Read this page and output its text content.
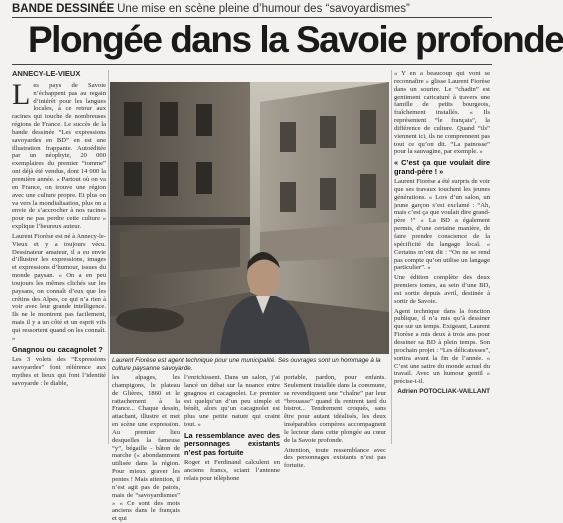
BANDE DESSINÉE Une mise en scène pleine d’humour des “savoyardismes”
Plongée dans la Savoie profonde
ANNECY-LE-VIEUX
L es pays de Savoie n’échappent pas au regain d’intérêt pour les langues locales, à ce retour aux racines qui touche de nombreuses régions de France. Le succès de la bande dessinée “Les expressions savoyardes en BD” en est une illustration frappante. Autoéditée par un néophyte, 20 000 exemplaires du premier “tomme” ont déjà été vendus, dont 14 000 la première année. « Partout où on va en France, on trouve une région avec une culture propre. Et plus on va vers la mondialisation, plus on a envie de s’accrocher à nos racines pour ne pas perdre cette culture » explique l’heureux auteur.

Laurent Fiorèse est né à Annecy-le-Vieux et y a toujours vécu. Dessinateur amateur, il a eu envie d’illustrer les expressions, images et expressions d’humour, issues du monde paysan. « On a en peu toujours les mêmes clichés sur les paysans, on connaît d’eux que les crétins des Alpes, ce qui n’a rien à voir avec leur grande intelligence. Ils ne le montrent pas facilement, mais il y a un côté et un esprit vifs qui ressortent quand on les connaît. »

Gnagnou ou cacagnolet ?

Les 3 volets des “Expressions savoyardes” font référence aux mythes et lieux qui font l’identité savoyarde : le diable,

Laurent Fiorèse est agent technique pour une municipalité. Ses ouvrages sont un hommage à la culture paysanne savoyarde.

les alpages, les champigons, le plateau de Glières, 1860 et le rattachement à la France... Chaque dessin, attachant, illustre et met en scène une expression. Au premier lieu desquelles la fameuse “y”, bégaille - bâton de marche (« abondamment utilisée dans la région. Pour mieux graver les pentes ! Mais attention, il n’est agit pas de patois, mais de “savoyardismes” » « Ce sont des mots anciens dans le français et qui

l’enrichissent. Dans un salon, j’ai lancé un débat sur la nuance entre gnagnou et cacagnolet. Le premier est quelqu’un d’un peu simple et bénêt, alors qu’un cacagnolet est plus une petite nature qui craint tout. »

La ressemblance avec des personnages existants n’est pas fortuite

Roger et Ferdinand calculent en anciens francs, sciant l’antenne relais pour téléphone

portable, pardon, pour enfants. Seulement installée dans la commune, se revendiquent une “chaîne” par leur “brouasse” quand ils rentrent tard du bistrot... Tendrement croqués, sans être pour autant idéalisés, les deux inséparables compères accompagnent le lecteur dans cette plongée au cœur de la Savoie profonde.

Attention, toute ressemblance avec des personnages existants n’est pas fortuite.

« Y en a beaucoup qui vont se reconnaître » glisse Laurent Fiorèse dans un sourire. Le “chadin” est gentiment caricaturé à travers une famille de petits bourgeois, fraîchement installés. « Ils représentent “le français”, la différence de culture. Quand “ils” viennent ici, ils ne comprennent pas tout ce qu’on dit. “La patnosse” pour la sauvagine, par exemple. »

« C’est ça que voulait dire grand-père ! »

Laurent Fiorèse a été surpris de voir que ses travaux touchent les jeunes générations. « Lors d’un salon, un jeune garçon s’est exclamé : “Ah, mais c’est ça que voulait dire grand-père !” » La BD a également permis, d’une certaine manière, de faire prendre conscience de la spécificité du langage local. « Certains m’ont dit : “On ne se rend pas compte qu’on utilise un langage particulier”. »

Une édition complète des deux premiers tomes, au sein d’une BD, est sortie depuis avril, destinée à sortir de Savoie.

Agent technique dans la fonction publique, il n’a mis qu’à dessiner que sur un temps. Exigeant, Laurent Fiorèse a mis deux à trois ans pour dessiner sa BD à plein temps. Son prochain projet : “Les délicatesses”, sortira avant la fin de l’année. « C’est une satire du monde actuel du travail. Avec un humour gentil » précise-t-il.

Adrien POTOCLIAK-VAILLANT
